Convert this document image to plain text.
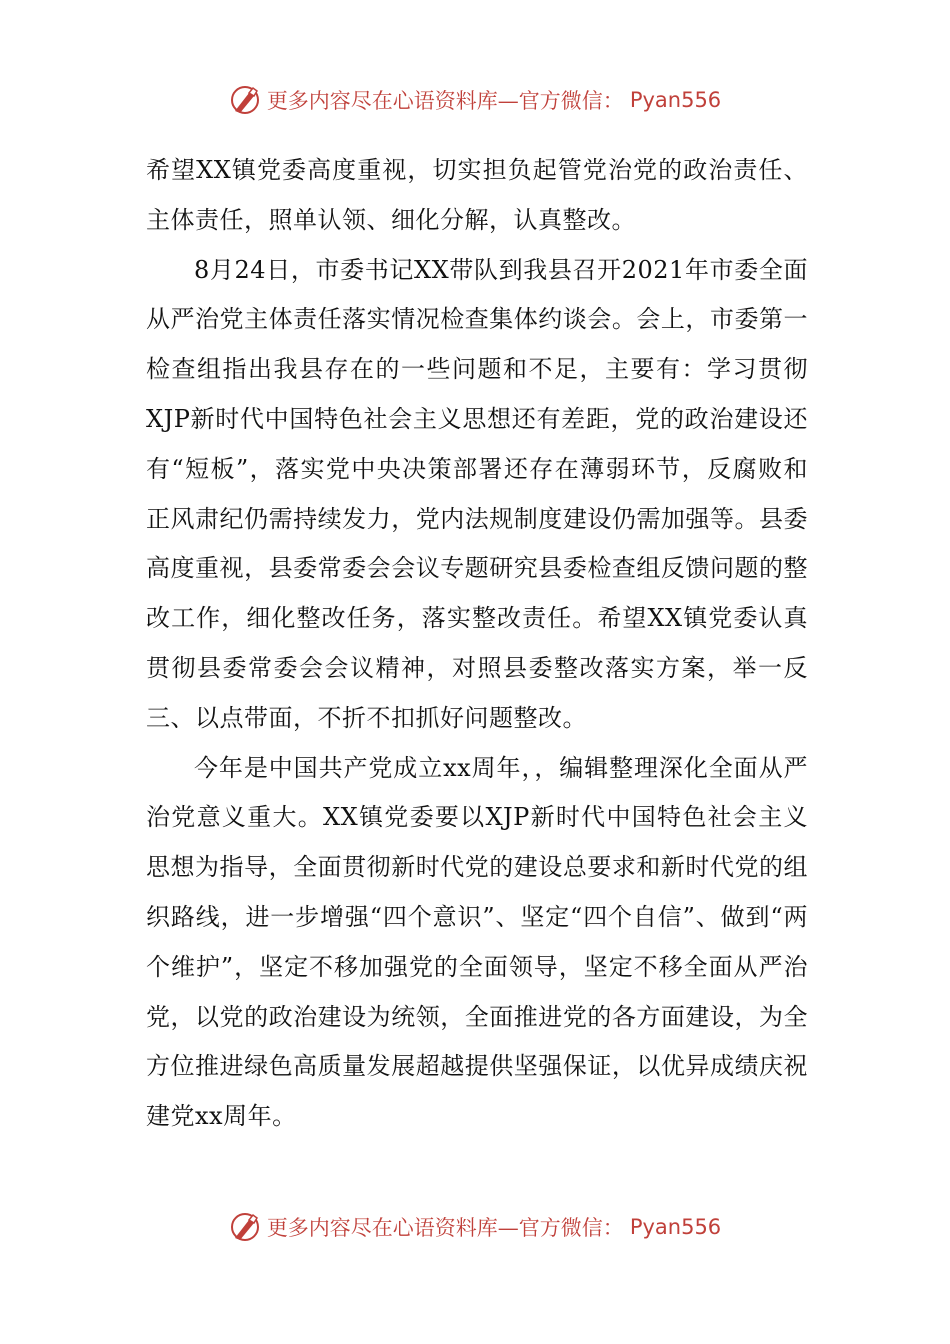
更多内容尽在心语资料库—官方微信： Pyan556

希望XX镇党委高度重视，切实担负起管党治党的政治责任、主体责任，照单认领、细化分解，认真整改。

8月24日，市委书记XX带队到我县召开2021年市委全面从严治党主体责任落实情况检查集体约谈会。会上，市委第一检查组指出我县存在的一些问题和不足，主要有：学习贯彻XJP新时代中国特色社会主义思想还有差距，党的政治建设还有“短板”，落实党中央决策部署还存在薄弱环节，反腐败和正风肃纪仍需持续发力，党内法规制度建设仍需加强等。县委高度重视，县委常委会会议专题研究县委检查组反馈问题的整改工作，细化整改任务，落实整改责任。希望XX镇党委认真贯彻县委常委会会议精神，对照县委整改落实方案，举一反三、以点带面，不折不扣抓好问题整改。

今年是中国共产党成立xx周年，，编辑整理深化全面从严治党意义重大。XX镇党委要以XJP新时代中国特色社会主义思想为指导，全面贯彻新时代党的建设总要求和新时代党的组织路线，进一步增强“四个意识”、坚定“四个自信”、做到“两个维护”，坚定不移加强党的全面领导，坚定不移全面从严治党，以党的政治建设为统领，全面推进党的各方面建设，为全方位推进绿色高质量发展超越提供坚强保证，以优异成绩庆祝建党xx周年。

更多内容尽在心语资料库—官方微信： Pyan556
